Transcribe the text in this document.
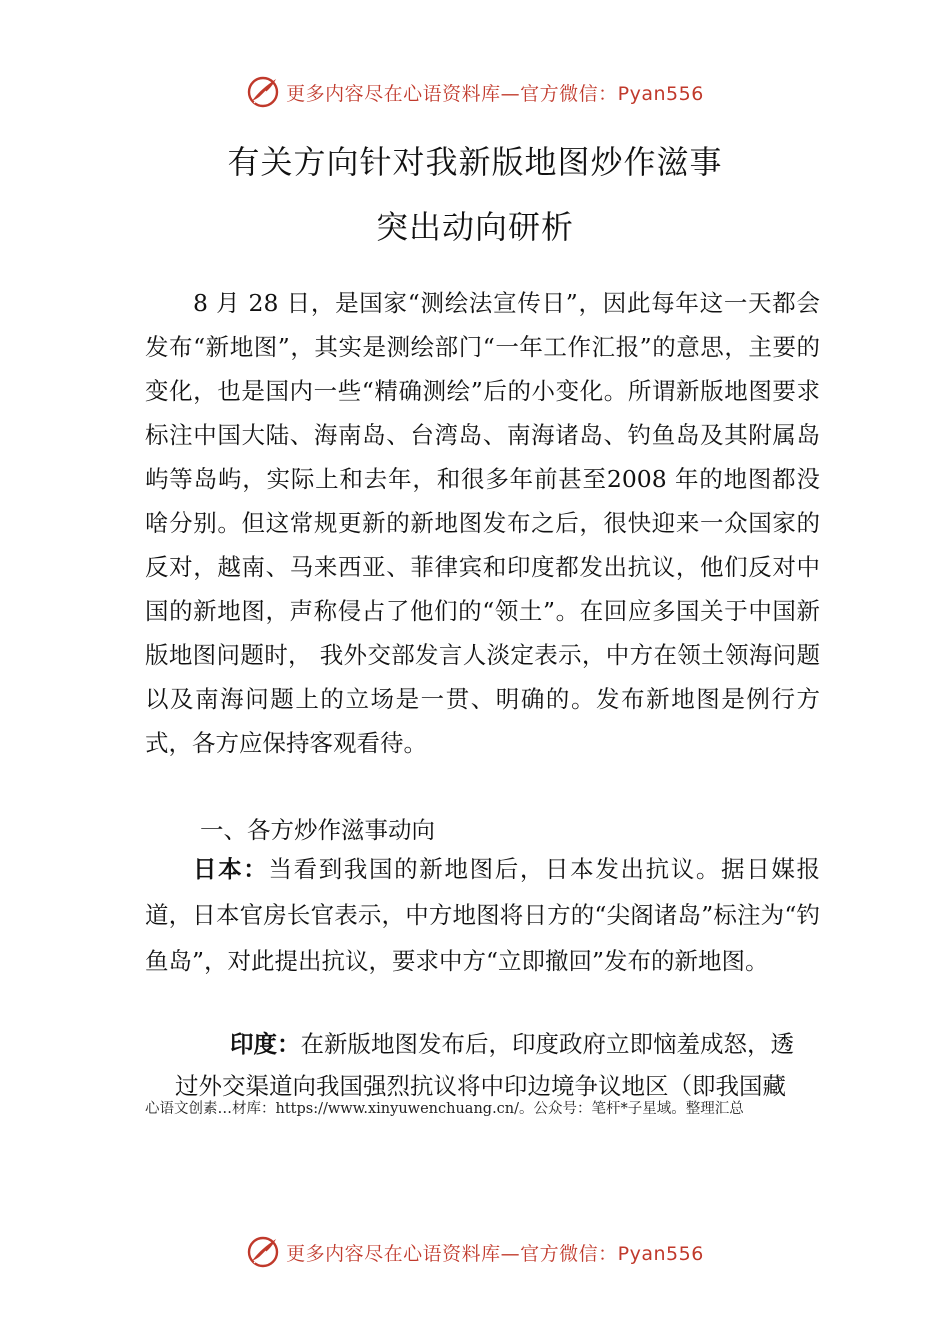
更多内容尽在心语资料库—官方微信：Pyan556
有关方向针对我新版地图炒作滋事
突出动向研析
8 月 28 日，是国家“测绘法宣传日”，因此每年这一天都会发布“新地图”，其实是测绘部门“一年工作汇报”的意思，主要的变化，也是国内一些“精确测绘”后的小变化。所谓新版地图要求标注中国大陆、海南岛、台湾岛、南海诸岛、钓鱼岛及其附属岛屿等岛屿，实际上和去年，和很多年前甚至2008 年的地图都没啥分别。但这常规更新的新地图发布之后，很快迎来一众国家的反对，越南、马来西亚、菲律宾和印度都发出抗议，他们反对中国的新地图，声称侵占了他们的“领土”。在回应多国关于中国新版地图问题时， 我外交部发言人淡定表示，中方在领土领海问题以及南海问题上的立场是一贯、明确的。发布新地图是例行方式，各方应保持客观看待。
一、各方炒作滋事动向
日本：当看到我国的新地图后，日本发出抗议。据日媒报道，日本官房长官表示，中方地图将日方的“尖阁诸岛”标注为“钓鱼岛”，对此提出抗议，要求中方“立即撤回”发布的新地图。
印度：在新版地图发布后，印度政府立即恼羞成怒，透
过外交渠道向我国强烈抗议将中印边境争议地区（即我国藏
心语文创素…材库：https://www.xinyuwenchuang.cn/。公众号：笔杆*子星域。整理汇总
更多内容尽在心语资料库—官方微信：Pyan556
